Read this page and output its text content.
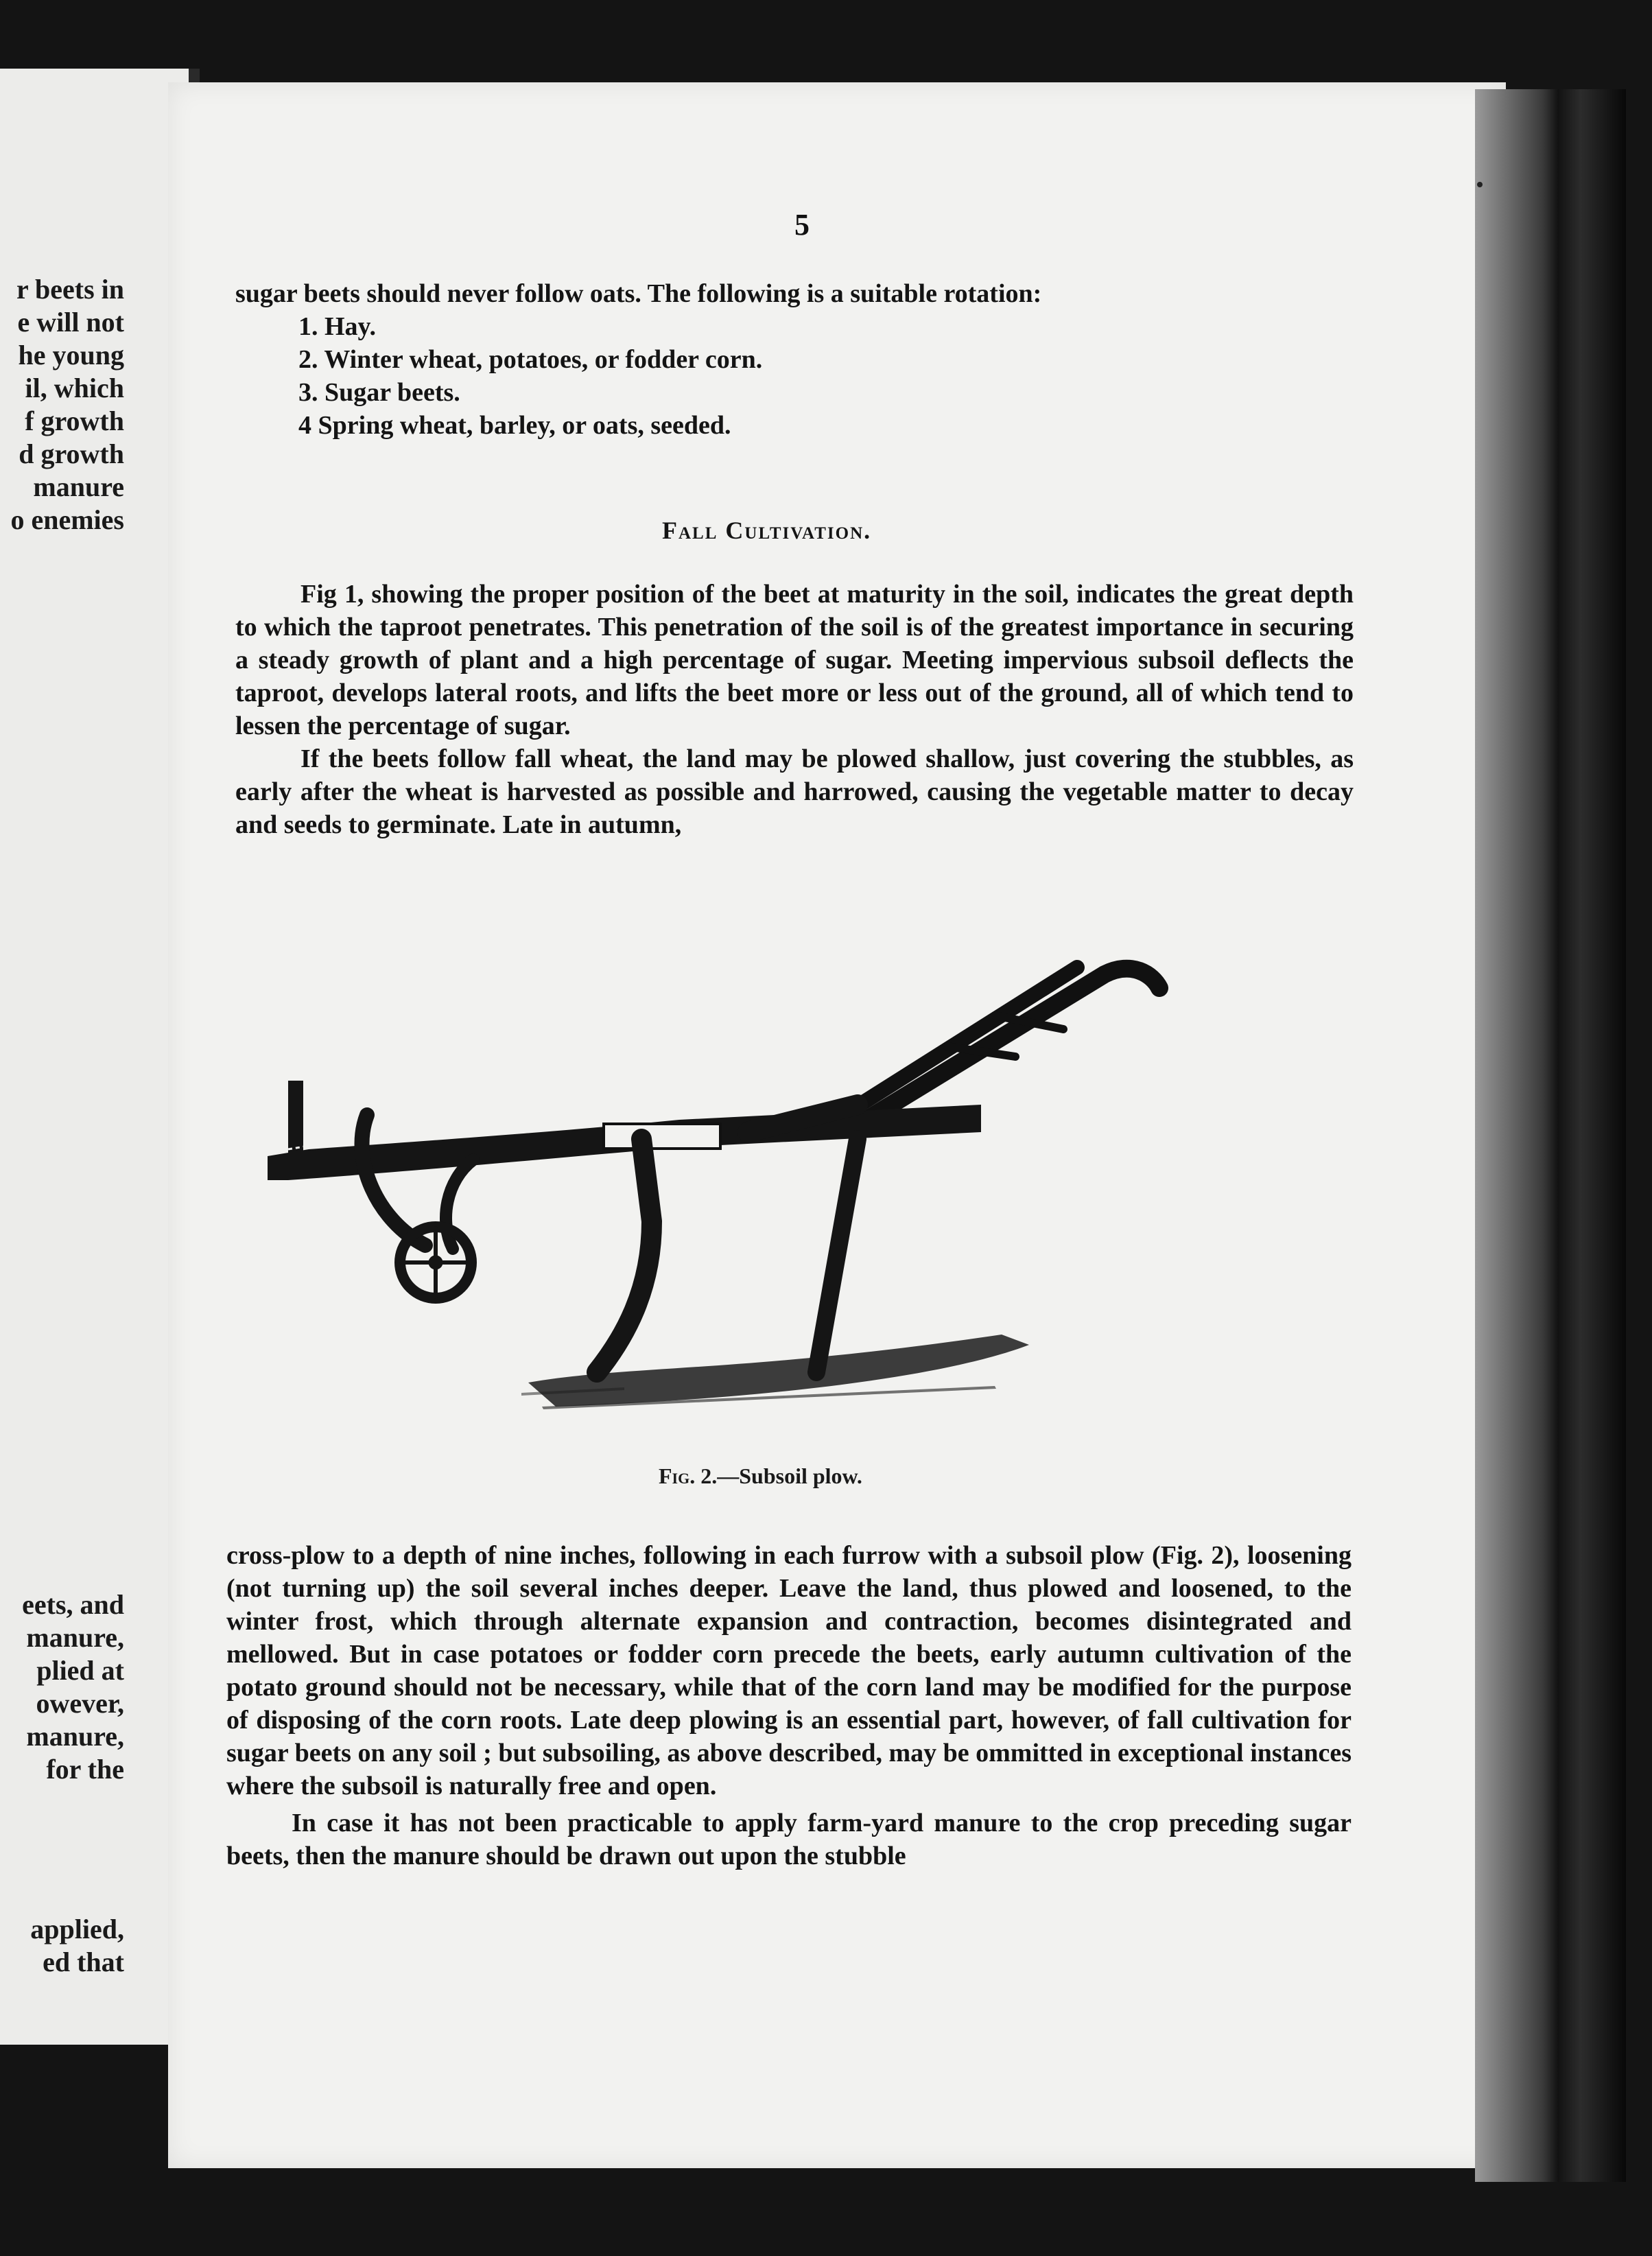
r beets in
e will not
he young
il, which
f growth
d growth
manure
o enemies
eets, and
manure,
plied at
owever,
manure,
for the
applied,
ed that
5

sugar beets should never follow oats. The following is a suitable rotation:

1. Hay.
2. Winter wheat, potatoes, or fodder corn.
3. Sugar beets.
4 Spring wheat, barley, or oats, seeded.
Fall Cultivation.

Fig 1, showing the proper position of the beet at maturity in the soil, indicates the great depth to which the taproot penetrates. This penetration of the soil is of the greatest importance in securing a steady growth of plant and a high percentage of sugar. Meeting impervious subsoil deflects the taproot, develops lateral roots, and lifts the beet more or less out of the ground, all of which tend to lessen the percentage of sugar.

If the beets follow fall wheat, the land may be plowed shallow, just covering the stubbles, as early after the wheat is harvested as possible and harrowed, causing the vegetable matter to decay and seeds to germinate. Late in autumn,

Fig. 2.—Subsoil plow.

cross-plow to a depth of nine inches, following in each furrow with a subsoil plow (Fig. 2), loosening (not turning up) the soil several inches deeper. Leave the land, thus plowed and loosened, to the winter frost, which through alternate expansion and contraction, becomes disintegrated and mellowed. But in case potatoes or fodder corn precede the beets, early autumn cultivation of the potato ground should not be necessary, while that of the corn land may be modified for the purpose of disposing of the corn roots. Late deep plowing is an essential part, however, of fall cultivation for sugar beets on any soil ; but subsoiling, as above described, may be ommitted in exceptional instances where the subsoil is naturally free and open.

In case it has not been practicable to apply farm-yard manure to the crop preceding sugar beets, then the manure should be drawn out upon the stubble
